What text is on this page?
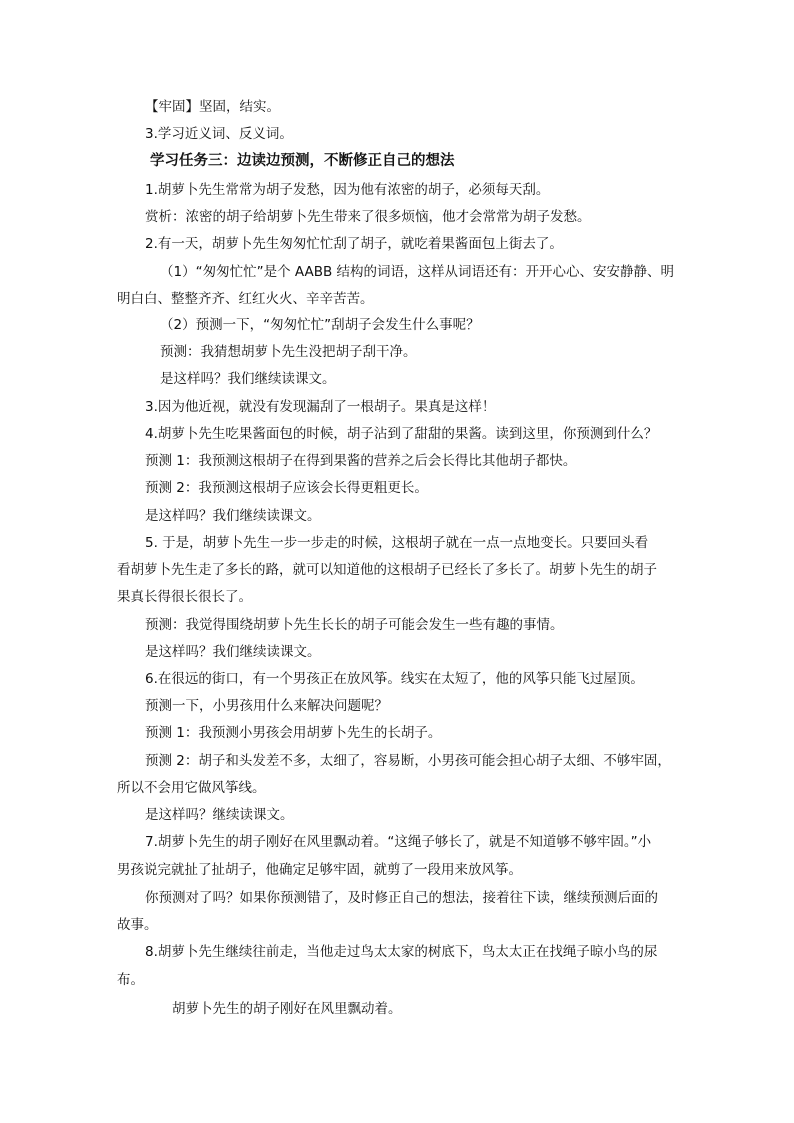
【牢固】坚固，结实。

3.学习近义词、反义词。

学习任务三：边读边预测，不断修正自己的想法

1.胡萝卜先生常常为胡子发愁，因为他有浓密的胡子，必须每天刮。

赏析：浓密的胡子给胡萝卜先生带来了很多烦恼，他才会常常为胡子发愁。

2.有一天，胡萝卜先生匆匆忙忙刮了胡子，就吃着果酱面包上街去了。

（1）“匆匆忙忙”是个 AABB 结构的词语，这样从词语还有：开开心心、安安静静、明

明白白、整整齐齐、红红火火、辛辛苦苦。

（2）预测一下，“匆匆忙忙”刮胡子会发生什么事呢？

预测：我猜想胡萝卜先生没把胡子刮干净。

是这样吗？我们继续读课文。

3.因为他近视，就没有发现漏刮了一根胡子。果真是这样！

4.胡萝卜先生吃果酱面包的时候，胡子沾到了甜甜的果酱。读到这里，你预测到什么？

预测 1：我预测这根胡子在得到果酱的营养之后会长得比其他胡子都快。

预测 2：我预测这根胡子应该会长得更粗更长。

是这样吗？我们继续读课文。

5. 于是，胡萝卜先生一步一步走的时候，这根胡子就在一点一点地变长。只要回头看

看胡萝卜先生走了多长的路，就可以知道他的这根胡子已经长了多长了。胡萝卜先生的胡子

果真长得很长很长了。

预测：我觉得围绕胡萝卜先生长长的胡子可能会发生一些有趣的事情。

是这样吗？我们继续读课文。

6.在很远的街口，有一个男孩正在放风筝。线实在太短了，他的风筝只能飞过屋顶。

预测一下，小男孩用什么来解决问题呢？

预测 1：我预测小男孩会用胡萝卜先生的长胡子。

预测 2：胡子和头发差不多，太细了，容易断，小男孩可能会担心胡子太细、不够牢固，

所以不会用它做风筝线。

是这样吗？继续读课文。

7.胡萝卜先生的胡子刚好在风里飘动着。“这绳子够长了，就是不知道够不够牢固。”小

男孩说完就扯了扯胡子，他确定足够牢固，就剪了一段用来放风筝。

你预测对了吗？如果你预测错了，及时修正自己的想法，接着往下读，继续预测后面的

故事。

8.胡萝卜先生继续往前走，当他走过鸟太太家的树底下，鸟太太正在找绳子晾小鸟的尿

布。

胡萝卜先生的胡子刚好在风里飘动着。
